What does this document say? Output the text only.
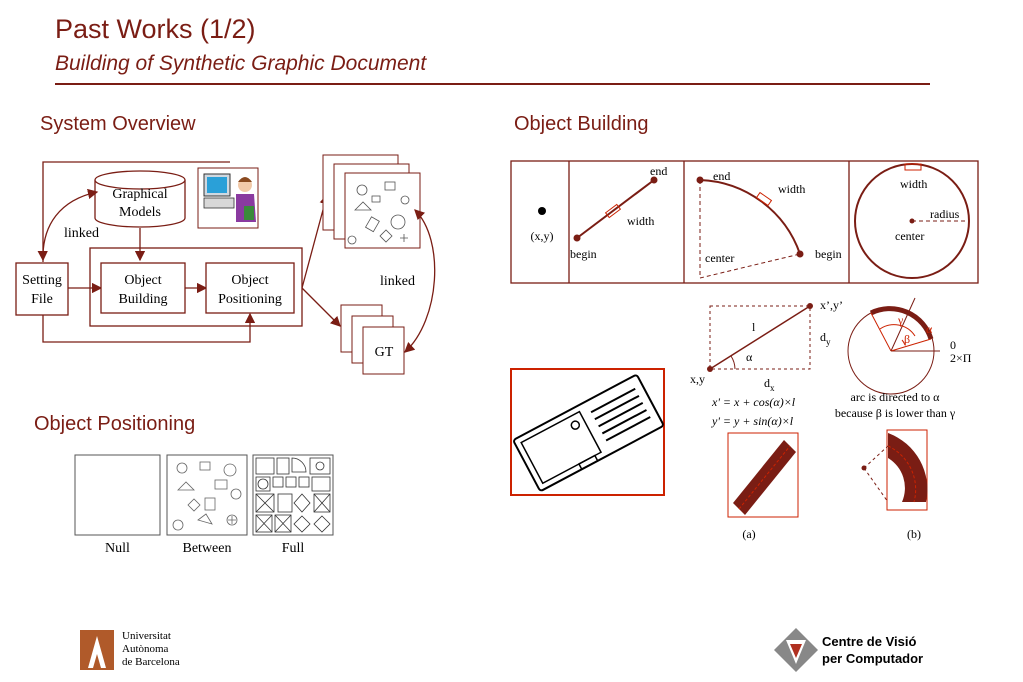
Past Works (1/2)
Building of Synthetic Graphic Document
System Overview	Object Building
Object Positioning
Graphical
Models
linked
Setting
File
Object
Building
Object
Positioning
GT
linked
(x,y)
end
begin
width
end
width
center	begin
width
radius
center
x’,y’
l
$d_y$
α
x,y	$d_x$
x' = x + cos(α)×l
y' = y + sin(α)×l
γ
α
β	0
2×Π
arc is directed to α
because β is lower than γ
(a)	(b)
Null	Between	Full
Universitat
Autònoma
de Barcelona
Centre de Visió
per Computador
